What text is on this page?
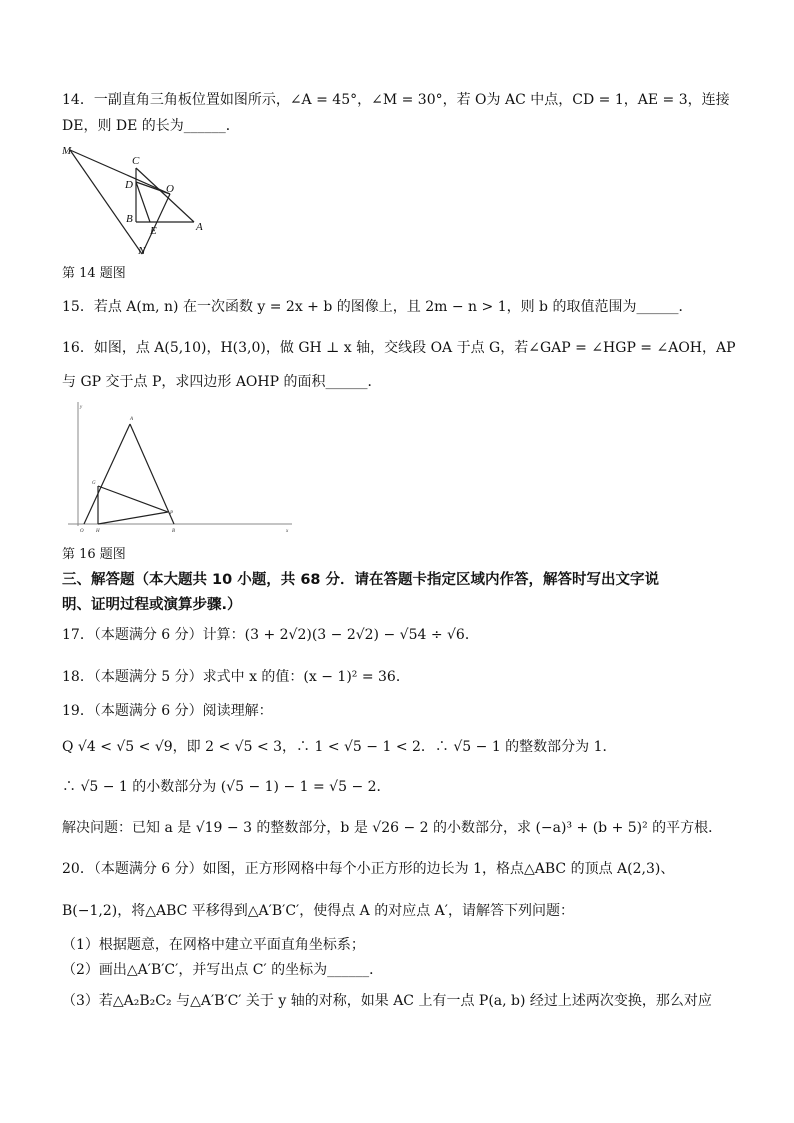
14．一副直角三角板位置如图所示，∠A = 45°，∠M = 30°，若 O为 AC 中点，CD = 1，AE = 3，连接
DE，则 DE 的长为______．
M
C
D	O
B
E	A
N
第 14 题图
15．若点 A(m, n) 在一次函数 y = 2x + b 的图像上，且 2m − n > 1，则 b 的取值范围为______．
16．如图，点 A(5,10)，H(3,0)，做 GH ⊥ x 轴，交线段 OA 于点 G，若∠GAP = ∠HGP = ∠AOH，AP
与 GP 交于点 P，求四边形 AOHP 的面积______．
y
x
A
G
P
O H	B
第 16 题图
三、解答题（本大题共 10 小题，共 68 分．请在答题卡指定区域内作答，解答时写出文字说
明、证明过程或演算步骤.）
17．（本题满分 6 分）计算：(3 + 2√2)(3 − 2√2) − √54 ÷ √6．
18．（本题满分 5 分）求式中 x 的值：(x − 1)² = 36．
19．（本题满分 6 分）阅读理解：
Q √4 < √5 < √9，即 2 < √5 < 3，∴ 1 < √5 − 1 < 2．∴ √5 − 1 的整数部分为 1．
∴ √5 − 1 的小数部分为 (√5 − 1) − 1 = √5 − 2．
解决问题：已知 a 是 √19 − 3 的整数部分，b 是 √26 − 2 的小数部分，求 (−a)³ + (b + 5)² 的平方根．
20．（本题满分 6 分）如图，正方形网格中每个小正方形的边长为 1，格点△ABC 的顶点 A(2,3)、
B(−1,2)，将△ABC 平移得到△A′B′C′，使得点 A 的对应点 A′，请解答下列问题：
（1）根据题意，在网格中建立平面直角坐标系；
（2）画出△A′B′C′，并写出点 C′ 的坐标为______．
（3）若△A₂B₂C₂ 与△A′B′C′ 关于 y 轴的对称，如果 AC 上有一点 P(a, b) 经过上述两次变换，那么对应
